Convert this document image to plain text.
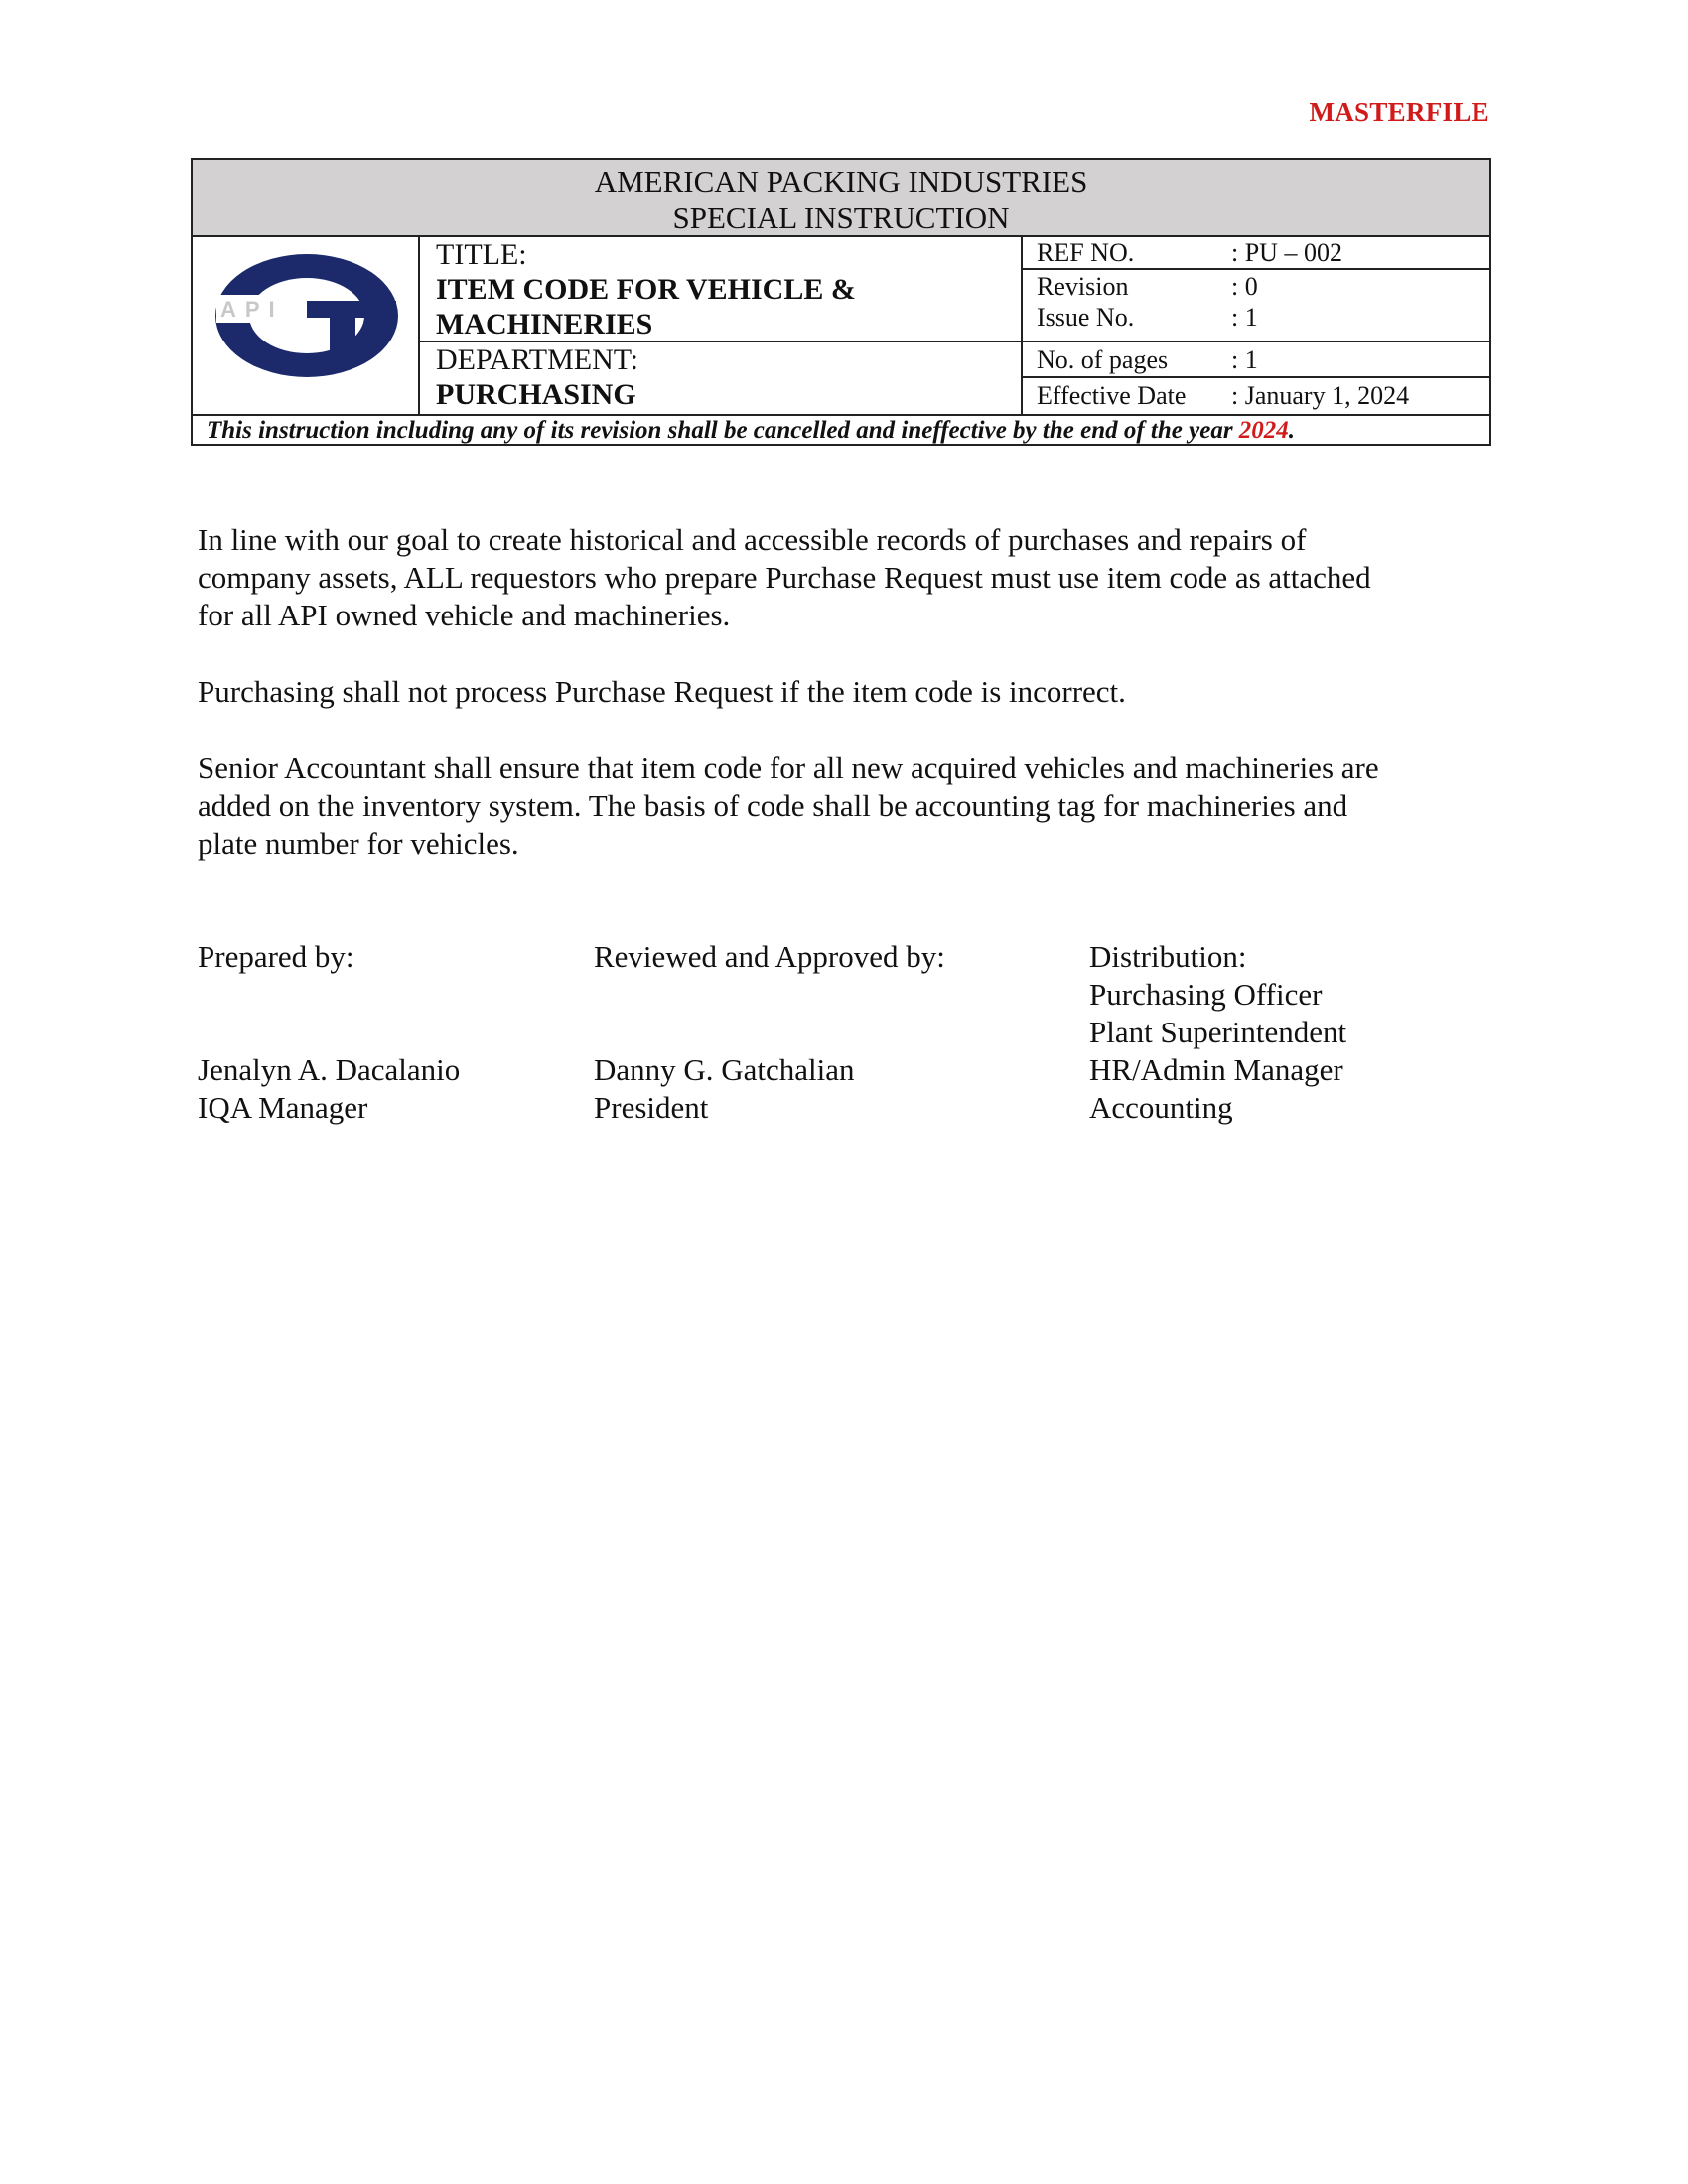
MASTERFILE
AMERICAN PACKING INDUSTRIES
SPECIAL INSTRUCTION
API
TITLE:
ITEM CODE FOR VEHICLE &
MACHINERIES
DEPARTMENT:
PURCHASING
REF NO.	: PU – 002
Revision	: 0
Issue No.	: 1
No. of pages : 1
Effective Date : January 1, 2024
This instruction including any of its revision shall be cancelled and ineffective by the end of the year 2024.

In line with our goal to create historical and accessible records of purchases and repairs of
company assets, ALL requestors who prepare Purchase Request must use item code as attached
for all API owned vehicle and machineries.

Purchasing shall not process Purchase Request if the item code is incorrect.

Senior Accountant shall ensure that item code for all new acquired vehicles and machineries are
added on the inventory system. The basis of code shall be accounting tag for machineries and
plate number for vehicles.

Prepared by:
Jenalyn A. Dacalanio
IQA Manager
Reviewed and Approved by:
Danny G. Gatchalian
President
Distribution:
Purchasing Officer
Plant Superintendent
HR/Admin Manager
Accounting
